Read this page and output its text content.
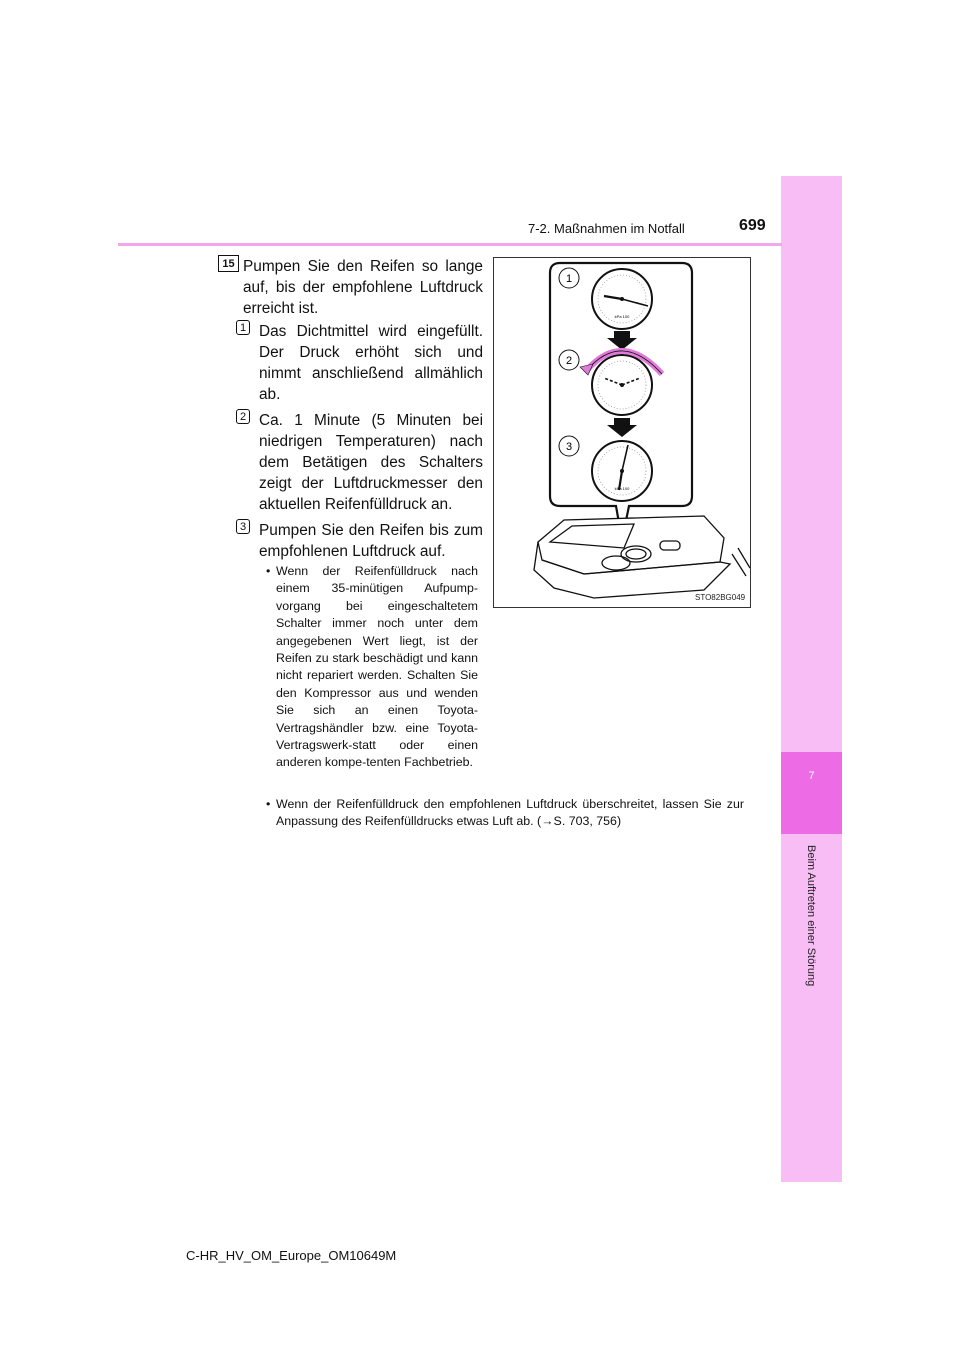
7
Beim Auftreten einer Störung
7-2. Maßnahmen im Notfall	699
15 Pumpen Sie den Reifen so lange auf, bis der empfohlene Luftdruck erreicht ist.
1 Das Dichtmittel wird eingefüllt. Der Druck erhöht sich und nimmt anschließend allmählich ab.
2 Ca. 1 Minute (5 Minuten bei niedrigen Temperaturen) nach dem Betätigen des Schalters zeigt der Luftdruckmesser den aktuellen Reifenfülldruck an.
3 Pumpen Sie den Reifen bis zum empfohlenen Luftdruck auf.
• Wenn der Reifenfülldruck nach einem 35-minütigen Aufpump-vorgang bei eingeschaltetem Schalter immer noch unter dem angegebenen Wert liegt, ist der Reifen zu stark beschädigt und kann nicht repariert werden. Schalten Sie den Kompressor aus und wenden Sie sich an einen Toyota-Vertragshändler bzw. eine Toyota-Vertragswerk-statt oder einen anderen kompe-tenten Fachbetrieb.
• Wenn der Reifenfülldruck den empfohlenen Luftdruck überschreitet, lassen Sie zur Anpassung des Reifenfülldrucks etwas Luft ab. (→S. 703, 756)
1
2
3
kPa 100
kPa 100
STO82BG049
C-HR_HV_OM_Europe_OM10649M
